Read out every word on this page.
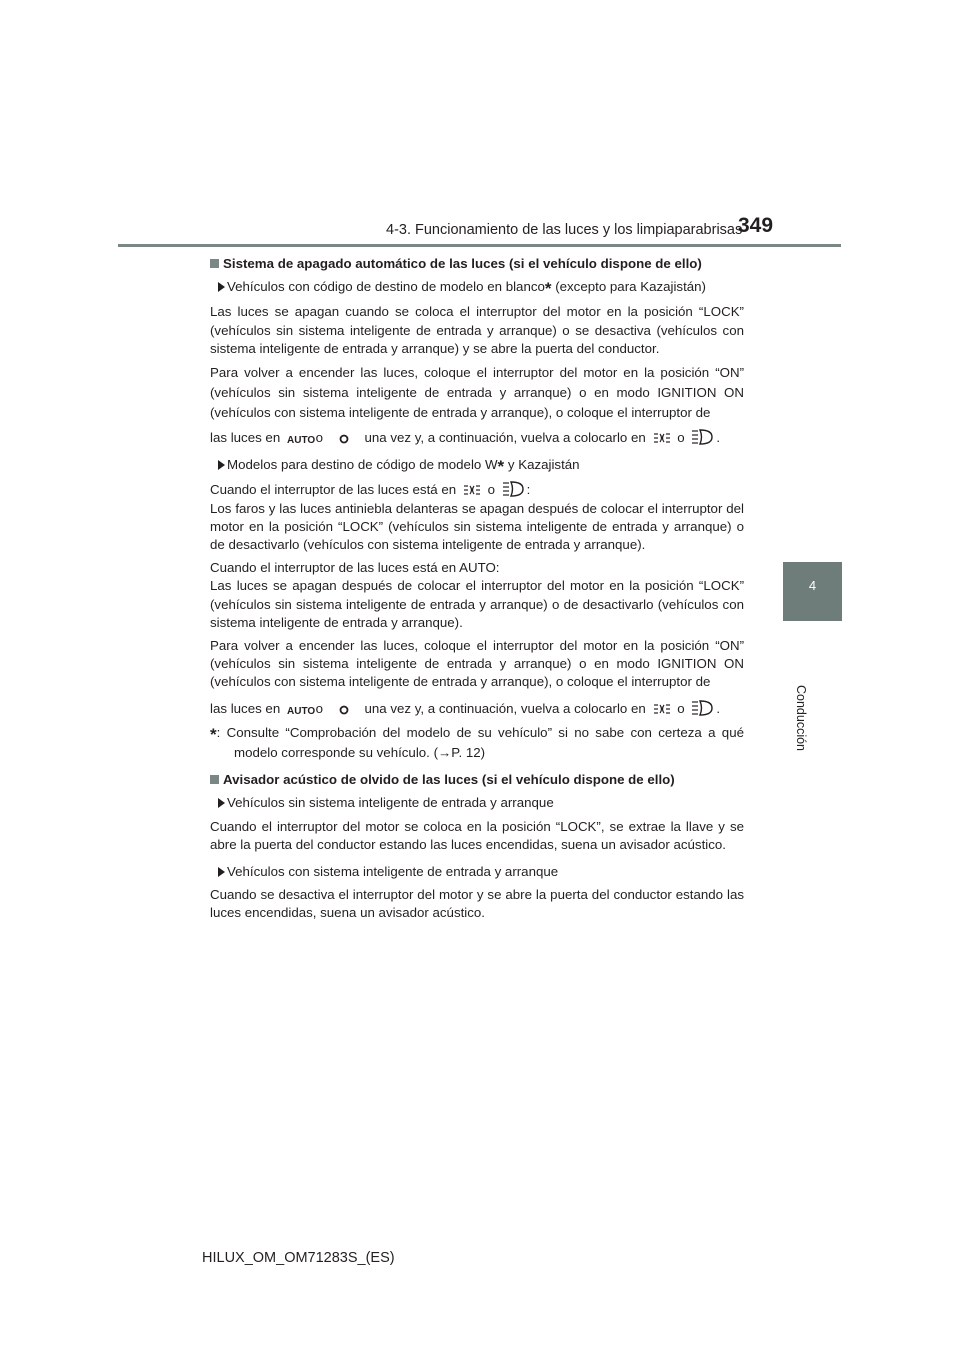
4-3. Funcionamiento de las luces y los limpiaparabrisas
349
4
Conducción
Sistema de apagado automático de las luces (si el vehículo dispone de ello)
Vehículos con código de destino de modelo en blanco* (excepto para Kazajistán)

Las luces se apagan cuando se coloca el interruptor del motor en la posición “LOCK” (vehículos sin sistema inteligente de entrada y arranque) o se desactiva (vehículos con sistema inteligente de entrada y arranque) y se abre la puerta del conductor.

Para volver a encender las luces, coloque el interruptor del motor en la posición “ON” (vehículos sin sistema inteligente de entrada y arranque) o en modo IGNITION ON (vehículos con sistema inteligente de entrada y arranque), o coloque el interruptor de

las luces en AUTO o	una vez y, a continuación, vuelva a colocarlo en o .

Modelos para destino de código de modelo W* y Kazajistán

Cuando el interruptor de las luces está en o :
Los faros y las luces antiniebla delanteras se apagan después de colocar el interruptor del motor en la posición “LOCK” (vehículos sin sistema inteligente de entrada y arranque) o de desactivarlo (vehículos con sistema inteligente de entrada y arranque).

Cuando el interruptor de las luces está en AUTO:
Las luces se apagan después de colocar el interruptor del motor en la posición “LOCK” (vehículos sin sistema inteligente de entrada y arranque) o de desactivarlo (vehículos con sistema inteligente de entrada y arranque).

Para volver a encender las luces, coloque el interruptor del motor en la posición “ON” (vehículos sin sistema inteligente de entrada y arranque) o en modo IGNITION ON (vehículos con sistema inteligente de entrada y arranque), o coloque el interruptor de

las luces en AUTO o	una vez y, a continuación, vuelva a colocarlo en o .

*: Consulte “Comprobación del modelo de su vehículo” si no sabe con certeza a qué modelo corresponde su vehículo. (→P. 12)

Avisador acústico de olvido de las luces (si el vehículo dispone de ello)
Vehículos sin sistema inteligente de entrada y arranque

Cuando el interruptor del motor se coloca en la posición “LOCK”, se extrae la llave y se abre la puerta del conductor estando las luces encendidas, suena un avisador acústico.

Vehículos con sistema inteligente de entrada y arranque

Cuando se desactiva el interruptor del motor y se abre la puerta del conductor estando las luces encendidas, suena un avisador acústico.

HILUX_OM_OM71283S_(ES)
